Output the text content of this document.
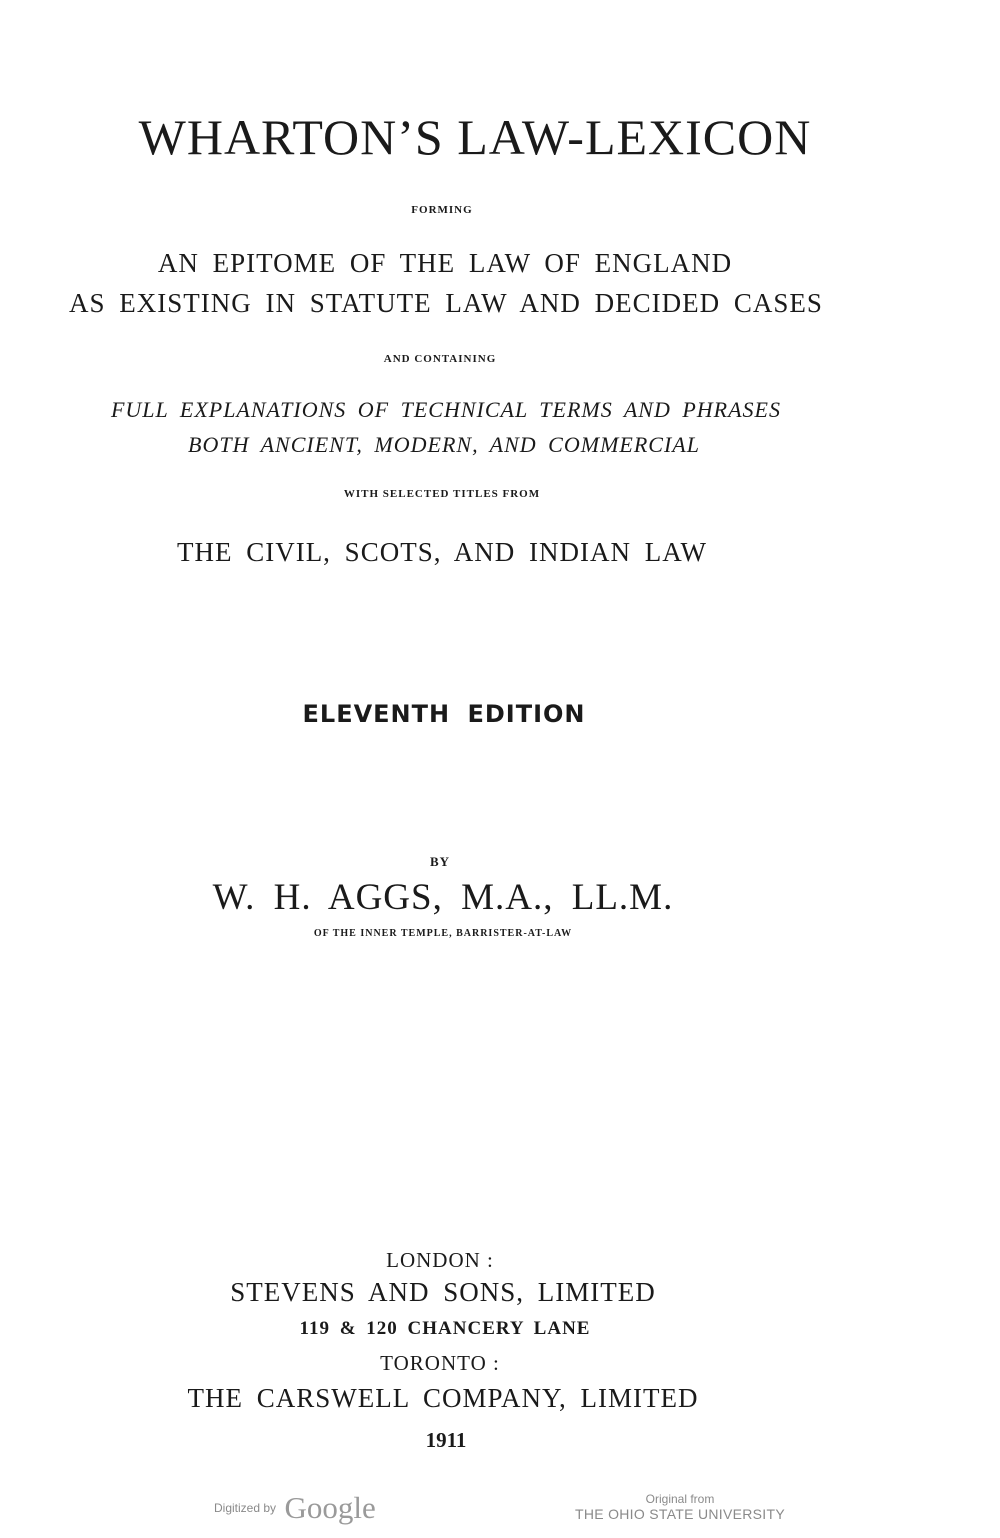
WHARTON’S LAW-LEXICON
FORMING
AN EPITOME OF THE LAW OF ENGLAND
AS EXISTING IN STATUTE LAW AND DECIDED CASES
AND CONTAINING
FULL EXPLANATIONS OF TECHNICAL TERMS AND PHRASES
BOTH ANCIENT, MODERN, AND COMMERCIAL
WITH SELECTED TITLES FROM
THE CIVIL, SCOTS, AND INDIAN LAW
ELEVENTH EDITION
BY
W. H. AGGS, M.A., LL.M.
OF THE INNER TEMPLE, BARRISTER-AT-LAW
LONDON :
STEVENS AND SONS, LIMITED
119 & 120 CHANCERY LANE
TORONTO :
THE CARSWELL COMPANY, LIMITED
1911
Digitized by Google	Original from
THE OHIO STATE UNIVERSITY
